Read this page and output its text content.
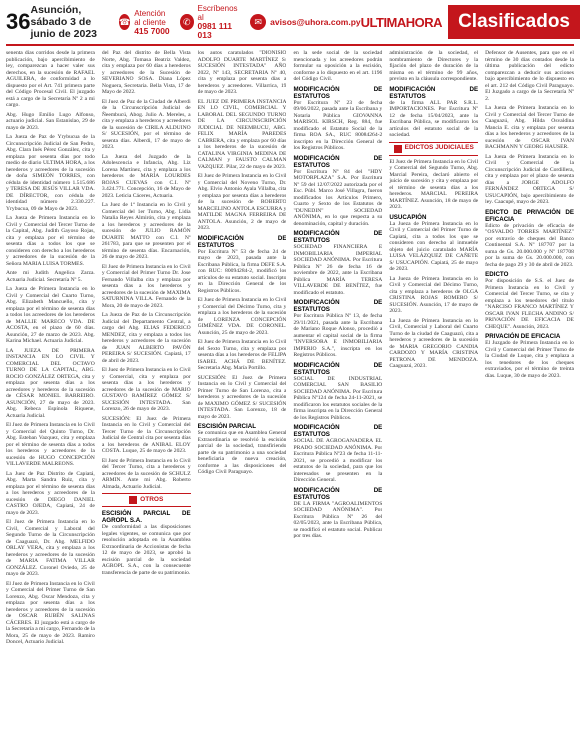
36 Asunción, sábado 3 de junio de 2023
☎
Atención al cliente
415 7000
✆
Escríbenos al
0981 111 013
✉ avisos@uhora.com.py ULTIMAHORA Clasificados

senenta días corridos desde la primera publicación, bajo apercibimiento de ley, comparezcan a hacer valer sus derechos, en la sucesión de RAFAEL AGUILERA, de conformidad a lo dispuesto por el Art. 741 primera parte del Código Procesal Civil. El juzgado está a cargo de la Secretaría Nº 2 a mi cargo.

Abg. Hugo Emilio Lugo Alfonso, actuario judicial. San Estanislao, 29 de mayo de 2023.

La Jueza de Paz de Yrybucua de la Circunscripción Judicial de San Pedro, Abg. Clara Inés Pérez González, cita y emplaza por sesenta días por todo medio de diario ULTIMA HORA, a los herederos y acreedores de la sucesión de doña SIMEÓN TORRES, con cédula de identidad número 1.515.686 y TERESA DE JESÚS VILLAR VDA. DE DÍRECTOR, con cédula de identidad número 2.330.227. Yrybucua, 09 de Mayo de 2023.

La Jueza de Primera Instancia en lo Civil y Comercial del Tercer Turno de la Capital, Abg. Judith Gayoso Rojas, cita y emplaza por el término de sesenta días a todos los que se consideren con derecho a los herederos y acreedores de la sucesión de la Señora MARIA LUISA TORMES.

Ante mi Judith Angelica Zarza. Actuaria Judicial. Secretaría Nº 5.

La Jueza de Primera Instancia en lo Civil y Comercial del Cuarto Turno, Abg. Elizabeth Mancuello, cita y emplaza por el término de sesenta días a todos los acreedores de los herederos de MALLIE MARECO VDA. DE ACOSTA, en el plazo de 60 días. Asunción, 27 de marzo de 2023. Abg. Karina Michael. Actuaria Judicial.

LA JUEZA DE PRIMERA INSTANCIA EN LO CIVIL Y COMERCIAL DEL OCTAVO TURNO DE LA CAPITAL, ABG. ROCIO GONZÁLEZ ORTEGA, cita y emplaza por sesenta días a los acreedores y herederos de la sucesión de CÉSAR MONIEL BARREIRO. ASUNCIÓN, 27 de mayo de 2023. Abg. Rebeca Espínola Riquene, Actuaria Judicial.

El Juez de Primera Instancia en lo Civil y Comercial del Quinto Turno, Dr. Abg. Esteban Vazquez, cita y emplaza por el término de sesenta días a todos los herederos y acreedores de la sucesión de HUGO CONCEPCIÓN VILLAVERDE MALREONS.

La Juez de Paz Distrito de Capiatá, Abg. Marta Sandra Ruiz, cita y emplaza por el término de sesenta días a los herederos y acreedores de la sucesión de DIEGO DANIEL CASTRO OJEDA, Capiatá, 24 de mayo de 2023.

El Juez de Primera Instancia en lo Civil, Comercial y Laboral del Segundo Turno de la Circunscripción de Caaguazú, Dr. Abg. MELFIDO ORLAY VERA, cita y emplaza a los herederos y acreedores de la sucesión de MARIA FATIMA VILLAR GONZÁLEZ. Coronel Oviedo, 25 de mayo de 2023.

El Juez de Primera Instancia en lo Civil y Comercial del Primer Turno de San Lorenzo, Abg. Oscar Mendoza, cita y emplaza por sesenta días a los herederos y acreedores de la sucesión de OSCAR RUBÉN SALINAS CÁCERES. El juzgado está a cargo de la Secretaría a mi cargo, Fernando de la Mora, 25 de mayo de 2023. Ramiro Doncel, Actuario Judicial.

del Paz del distrito de Bella Vista Norte, Abg. Tomasa Beatriz Valdez, cita y emplaza por 60 días a herederos y acreedores de la Sucesión de SEVERIANO SOSA. Diana López Noguera, Secretaria. Bella Vista, 17 de Mayo de 2022.

El Juez de Paz de la Ciudad de Alberdi de la Circunscripción Judicial de Ñeembucú, Abog. Julio A. Mereles, a cita y emplaza a herederos y acreedores de la sucesión de CIRILA ALDUINO S/ SUCESIÓN, por el término de sesenta días. Alberdi, 17 de mayo de 2023.

La Jueza del Juzgado de la Adolescencia e Infancia, Abg. Liz Lorena Martínez, cita y emplaza a los herederos de MARÍA LOURDES ROJAS CUEVAS con C.I. Nº 3.424.771. Concepción, 16 de Mayo de 2023. Leticia Cáceres, Actuaria.

La Juez de 1ª Instancia en lo Civil y Comercial del 1er Turno, Abg. Lidia Natalia Reyes Almirón, cita y emplaza a los herederos y acreedores de la sucesión de JULIO RAMÓN DUARTE MATTO con C.I. Nº 261783, para que se presenten por el término de sesenta días. Encarnación, 26 de mayo de 2023.

El Juez de Primera Instancia en lo Civil y Comercial del Primer Turno Dr. Jose Fernando Villalba cita y emplaza por sesenta días a los herederos y acreedores de la sucesión de MAXIMA SATURNINA VILLA. Fernando de la Mora, 20 de mayo de 2023.

La Jueza de Paz de la Circunscripción Judicial del Departamento Central, a cargo del Abg. ELIAS FEDERICO MENDEZ, cita y emplaza a todos los herederos y acreedores de la sucesión de JUAN ALBERTO PAVÓN PEREIRA S/ SUCESIÓN. Capiatá, 17 de abril de 2023.

El Juez de Primera Instancia en lo Civil y Comercial, cita y emplaza por sesenta días a los herederos y acreedores de la sucesión de MARIO GUSTAVO RAMÍREZ GÓMEZ S/ SUCESIÓN INTESTADA. San Lorenzo, 26 de mayo de 2023.

SUCESIÓN: El Juez de Primera Instancia en lo Civil y Comercial del Tercer Turno de la Circunscripción Judicial de Central cita por sesenta días a los herederos de ANIBAL ELOY COSTA. Luque, 25 de mayo de 2023.

El Juez de Primera Instancia en lo Civil del Tercer Turno, cita a herederos y acreedores de la sucesión de SCHULZ ARMIN. Ante mi Abg. Roberto Almada, Actuario Judicial.

OTROS
ESCISIÓN PARCIAL DE AGROPL S.A.

De conformidad a las disposiciones legales vigentes, se comunica que por resolución adoptada en la Asamblea Extraordinaria de Accionistas de fecha 12 de mayo de 2023, se aprobó la escisión parcial de la sociedad AGROPL S.A., con la consecuente transferencia de parte de su patrimonio.

los autos caratulados "DIONISIO ADOLFO DUARTE MARTÍNEZ S/ SUCESIÓN INTESTADA" AÑO 2022, Nº 143, SECRETARIA Nº 40, cita y emplaza por sesenta días a herederos y acreedores. Villarrica, 19 de mayo de 2023.

EL JUEZ DE PRIMERA INSTANCIA EN LO CIVIL, COMERCIAL Y LABORAL DEL SEGUNDO TURNO DE LA CIRCUNSCRIPCIÓN JUDICIAL DE NEEMBUCU, ABG. FELIX MARÍA PAREDES CABRERA, cita y emplaza por 60 días a los herederos de la sucesión de CATALINA VIRGINIA MEDINA DE CALMAN y FAUSTO CALMAN VAZQUEZ. Pilar, 22 de mayo de 2023.

El Juez de Primera Instancia en lo Civil y Comercial del Noveno Turno, Dr. Abg. Elvio Antonio Ayala Villalba, cita y emplaza por sesenta días a herederos de la sucesión de ROBERTO MARCELINO ANTOLA ESCURRA y MATILDE MAGNA FERREIRA DE ANTOLA. Asunción, 2 de mayo de 2023.

MODIFICACIÓN DE ESTATUTOS

Por Escritura Nº 53 de fecha 24 de mayo de 2023, pasada ante la Escribana Pública, la firma DEFE S.A. con RUC: 80094284-2, modificó los artículos de su estatuto social. Inscripto en la Dirección General de los Registros Públicos.

El Juez de Primera Instancia en lo Civil y Comercial del Décimo Turno, cita y emplaza a los herederos de la sucesión de LORENZA CONCEPCIÓN GIMÉNEZ VDA. DE CORONEL. Asunción, 25 de mayo de 2023.

El Juez de Primera Instancia en lo Civil del Sexto Turno, cita y emplaza por sesenta días a los herederos de FELIPA ISABEL ACHÁ DE BENÍTEZ. Secretaria Abg. María Portillo.

SUCESIÓN: El Juez de Primera Instancia en lo Civil y Comercial del Primer Turno de San Lorenzo, cita a herederos y acreedores de la sucesión de MAXIMO GÓMEZ S/ SUCESIÓN INTESTADA. San Lorenzo, 18 de mayo de 2023.

ESCISIÓN PARCIAL

Se comunica que en Asamblea General Extraordinaria se resolvió la escisión parcial de la sociedad, transfiriendo parte de su patrimonio a una sociedad beneficiaria de nueva creación, conforme a las disposiciones del Código Civil Paraguayo.

en la sede social de la sociedad mencionada y los acreedores podrán formular su oposición a la escisión, conforme a lo dispuesto en el art. 1196 del Código Civil.

MODIFICACIÓN DE ESTATUTOS

Por Escritura Nº 23 de fecha 09/06/2022, pasada ante la Escribana y Notaria Pública GIOVANNA MARISOL KIRSCH, Reg. 884, fue modificado el Estatuto Social de la firma ROA SA., RUC 80084264-2 inscripto en la Dirección General de los Registros Públicos.

MODIFICACIÓN DE ESTATUTOS

Por Escritura Nº 84 del "HDY MOTORPLAZA" S.A. Por Escritura Nº 59 del 12/07/2022 autorizada por el Esc. Públ. Marco José Villagra, fueron modificados los Artículos Primero, Cuarto y Sexto de los Estatutos de "DUNEDIN" SOCIEDAD ANÓNIMA, en lo que respecta a su denominación, capital y duración.

MODIFICACIÓN DE ESTATUTOS

SOCIEDAD FINANCIERA E INMOBILIARIA IMPERIAL SOCIEDAD ANÓNIMA. Por Escritura Pública Nº 26 de fecha 16 de noviembre de 2022, ante la Escribana Pública MARÍA TERESA VILLAVERDE DE BENÍTEZ, fue modificado el estatuto.

MODIFICACIÓN DE ESTATUTOS

Por Escritura Pública Nº 13, de fecha 29/11/2021, pasada ante la Escribana de Mariano Roque Alonso, procedió a aumentar el capital social de la firma "INVERSORA E INMOBILIARIA IMPERIO S.A.", inscripta en los Registros Públicos.

MODIFICACIÓN DE ESTATUTOS

SOCIAL DE INDUSTRIAL COMERCIAL SAN BASILIO SOCIEDAD ANÓNIMA. Por Escritura Pública Nº124 de fecha 24-11-2021, se modificaron los estatutos sociales de la firma inscripta en la Dirección General de los Registros Públicos.

MODIFICACIÓN DE ESTATUTOS

SOCIAL DE AGROGANADERA EL PRADO SOCIEDAD ANÓNIMA. Por Escritura Pública Nº23 de fecha 11-11-2021, se procedió a modificar los estatutos de la sociedad, para que los interesados se presenten en la Dirección General.

MODIFICACIÓN DE ESTATUTOS

DE LA FIRMA "AGROALIMENTOS SOCIEDAD ANÓNIMA". Por Escritura Pública Nº 26 del 02/05/2023, ante la Escribana Pública, se modificó el estatuto social. Publicar por tres días.

administración de la sociedad, el nombramiento de Directores y la fijación del plazo de duración de la misma en el término de 99 años, previsto en la cláusula correspondiente.

MODIFICACIÓN DE ESTATUTOS

de la firma ALL PAR S.R.L. IMPORTACIONES. Por Escritura Nº 12 de fecha 15/04/2023, ante la Escribana Pública, se modificaron los artículos del estatuto social de la sociedad.

EDICTOS JUDICIALES

El Juez de Primera Instancia en lo Civil y Comercial del Segundo Turno, Abg. Marcial Pereira, declaró abierto el juicio de sucesión y cita y emplaza por el término de sesenta días a los herederos. MARCIAL PEREIRA MARTÍNEZ. Asunción, 18 de mayo de 2023.

USUCAPIÓN

La Jueza de Primera Instancia en lo Civil y Comercial del Primer Turno de Capiatá, cita a todos los que se consideren con derecho al inmueble objeto del juicio caratulado MARÍA LUISA VELÁZQUEZ DE CAÑETE S/ USUCAPIÓN. Capiatá, 25 de mayo de 2023.

La Jueza de Primera Instancia en lo Civil y Comercial del Décimo Turno, cita y emplaza a herederos de OLGA CRISTINA ROJAS ROMERO S/ SUCESIÓN. Asunción, 17 de mayo de 2023.

La Jueza de Primera Instancia en lo Civil, Comercial y Laboral del Cuarto Turno de la ciudad de Caaguazú, cita a herederos y acreedores de la sucesión de MARIA GREGORIO CANDIA CARDOZO Y MARÍA CRISTINA PETRONA DE MENDOZA. Caaguazú, 2023.

Defensor de Ausentes, para que en el término de 30 días contados desde la última publicación del edicto comparezcan a deducir sus acciones bajo apercibimiento de lo dispuesto en el art. 212 del Código Civil Paraguayo. El Juzgado a cargo de la Secretaría Nº 2.

La Jueza de Primera Instancia en lo Civil y Comercial del Tercer Turno de Caaguazú, Abg. Hilda Osvaldina Mancia E. cita y emplaza por sesenta días a los herederos y acreedores de la sucesión de OSCAR IVAN BACHMANN Y GEORG HAUSER.

La Jueza de Primera Instancia en lo Civil y Comercial de la Circunscripción Judicial de Cordillera, cita y emplaza por el plazo de sesenta días a JORGE ADOLFO FERNÁNDEZ ORTEGA S/ USUCAPIÓN, bajo apercibimiento de ley. Caacupé, mayo de 2023.

EDICTO DE PRIVACIÓN DE EFICACIA

Edicto de privación de eficacia de "OSVALDO TORRES MARTÍNEZ" por extravío de cheques del Banco Continental S.A. Nº 187707 por la suma de Gs. 20.000.000 y Nº 187708 por la suma de Gs. 20.000.000, con fecha de pago 29 y 30 de abril de 2023.

EDICTO

Por disposición de S.S. el Juez de Primera Instancia en lo Civil y Comercial del Tercer Turno, se cita y emplaza a los tenedores del título "NARCISO FRANCO MARTÍNEZ Y OSCAR IVAN FLECHA ANDINO S/ PRIVACIÓN DE EFICACIA DE CHEQUE". Asunción, 2023.

PRIVACIÓN DE EFICACIA

El Juzgado de Primera Instancia en lo Civil y Comercial del Primer Turno de la Ciudad de Luque, cita y emplaza a los tenedores de los cheques extraviados, por el término de treinta días. Luque, 30 de mayo de 2023.
